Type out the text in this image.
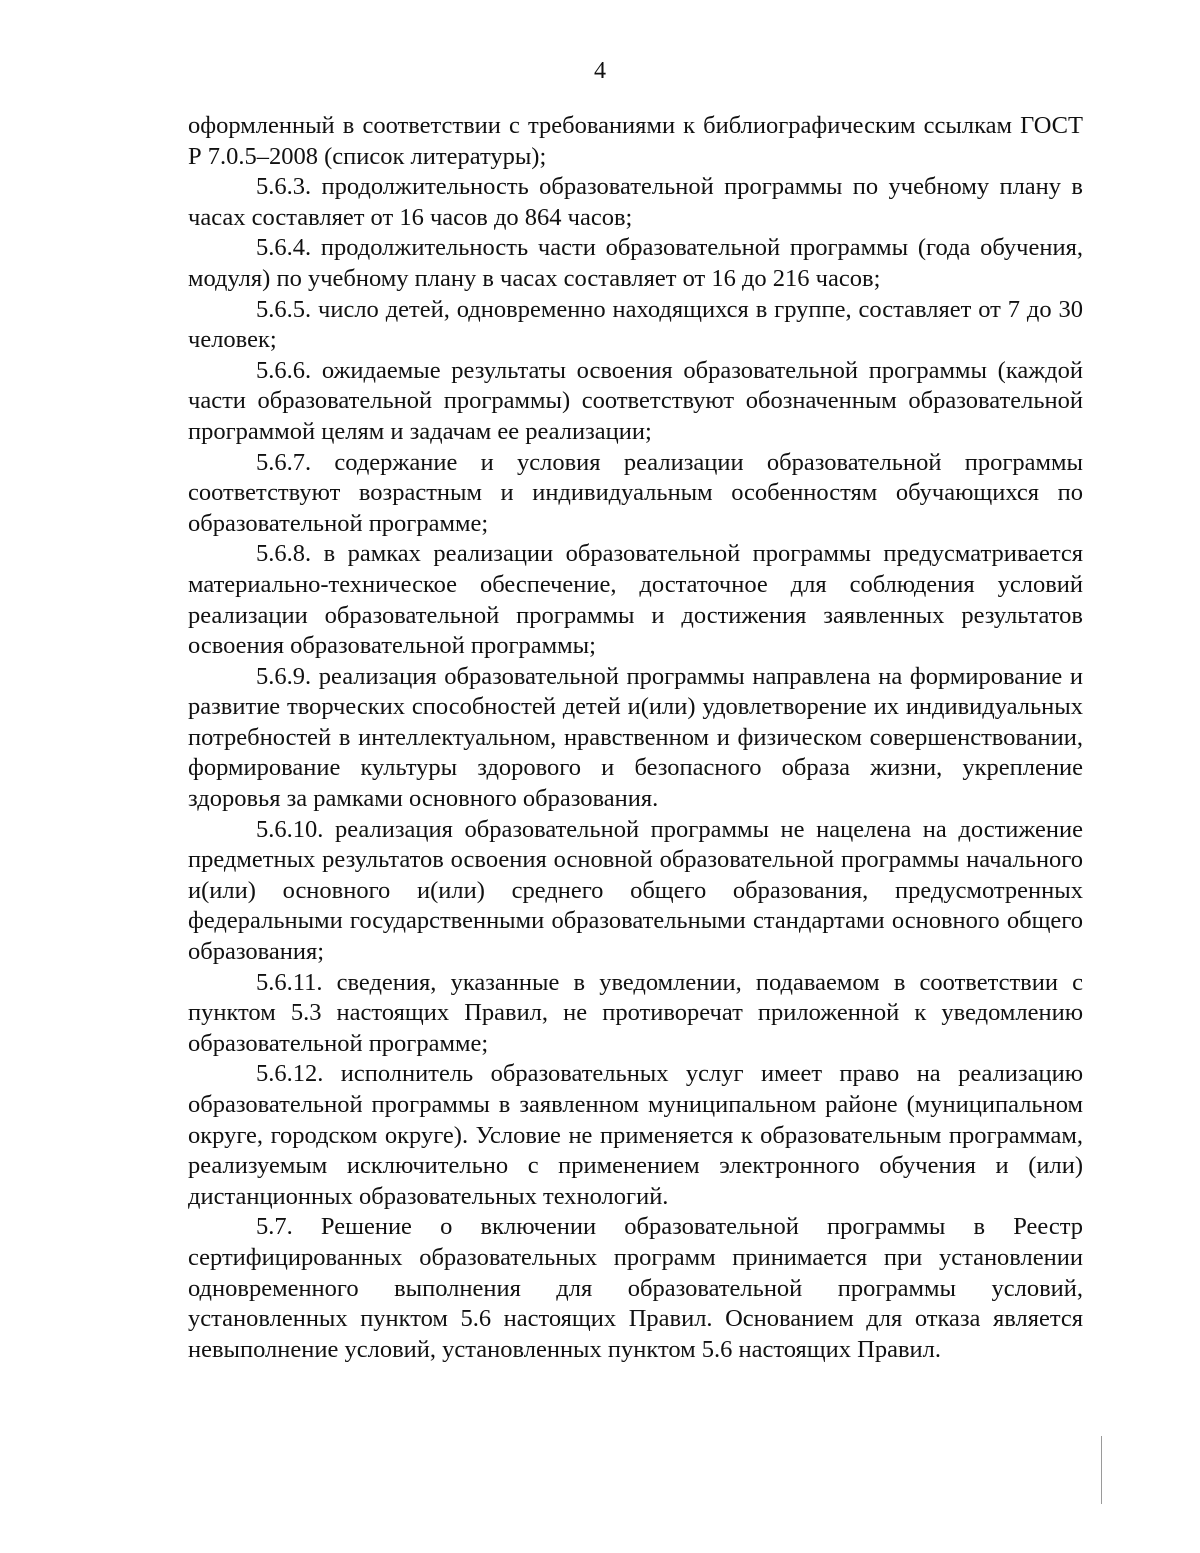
4

оформленный в соответствии с требованиями к библиографическим ссылкам ГОСТ Р 7.0.5–2008 (список литературы);

5.6.3. продолжительность образовательной программы по учебному плану в часах составляет от 16 часов до 864 часов;

5.6.4. продолжительность части образовательной программы (года обучения, модуля) по учебному плану в часах составляет от 16 до 216 часов;

5.6.5. число детей, одновременно находящихся в группе, составляет от 7 до 30 человек;

5.6.6. ожидаемые результаты освоения образовательной программы (каждой части образовательной программы) соответствуют обозначенным образовательной программой целям и задачам ее реализации;

5.6.7. содержание и условия реализации образовательной программы соответствуют возрастным и индивидуальным особенностям обучающихся по образовательной программе;

5.6.8. в рамках реализации образовательной программы предусматривается материально-техническое обеспечение, достаточное для соблюдения условий реализации образовательной программы и достижения заявленных результатов освоения образовательной программы;

5.6.9. реализация образовательной программы направлена на формирование и развитие творческих способностей детей и(или) удовлетворение их индивидуальных потребностей в интеллектуальном, нравственном и физическом совершенствовании, формирование культуры здорового и безопасного образа жизни, укрепление здоровья за рамками основного образования.

5.6.10. реализация образовательной программы не нацелена на достижение предметных результатов освоения основной образовательной программы начального и(или) основного и(или) среднего общего образования, предусмотренных федеральными государственными образовательными стандартами основного общего образования;

5.6.11. сведения, указанные в уведомлении, подаваемом в соответствии с пунктом 5.3 настоящих Правил, не противоречат приложенной к уведомлению образовательной программе;

5.6.12. исполнитель образовательных услуг имеет право на реализацию образовательной программы в заявленном муниципальном районе (муниципальном округе, городском округе). Условие не применяется к образовательным программам, реализуемым исключительно с применением электронного обучения и (или) дистанционных образовательных технологий.

5.7. Решение о включении образовательной программы в Реестр сертифицированных образовательных программ принимается при установлении одновременного выполнения для образовательной программы условий, установленных пунктом 5.6 настоящих Правил. Основанием для отказа является невыполнение условий, установленных пунктом 5.6 настоящих Правил.
